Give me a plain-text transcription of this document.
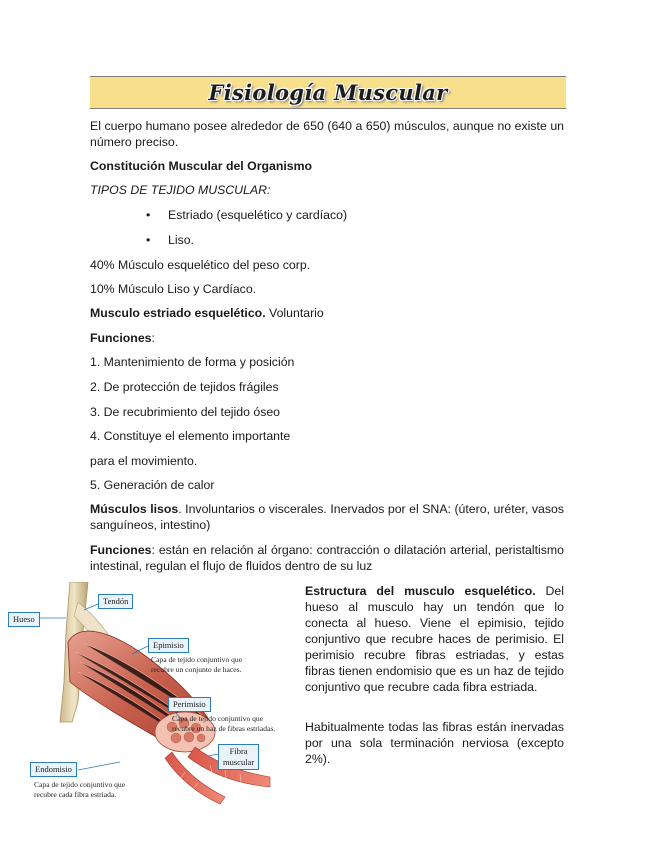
Fisiología Muscular

El cuerpo humano posee alrededor de 650 (640 a 650) músculos, aunque no existe un número preciso.

Constitución Muscular del Organismo

TIPOS DE TEJIDO MUSCULAR:

• Estriado (esquelético y cardíaco)
• Liso.

40% Músculo esquelético del peso corp.

10% Músculo Liso y Cardíaco.

Musculo estriado esquelético. Voluntario

Funciones:

1. Mantenimiento de forma y posición

2. De protección de tejidos frágiles

3. De recubrimiento del tejido óseo

4. Constituye el elemento importante

para el movimiento.

5. Generación de calor

Músculos lisos. Involuntarios o viscerales. Inervados por el SNA: (útero, uréter, vasos sanguíneos, intestino)

Funciones: están en relación al órgano: contracción o dilatación arterial, peristaltismo intestinal, regulan el flujo de fluidos dentro de su luz

Estructura del musculo esquelético. Del hueso al musculo hay un tendón que lo conecta al hueso. Viene el epimisio, tejido conjuntivo que recubre haces de perimisio. El perimisio recubre fibras estriadas, y estas fibras tienen endomisio que es un haz de tejido conjuntivo que recubre cada fibra estriada.

Habitualmente todas las fibras están inervadas por una sola terminación nerviosa (excepto 2%).

Hueso
Tendón
Epimisio
Capa de tejido conjuntivo que
recubre un conjunto de haces.
Perimisio
Capa de tejido conjuntivo que
recubre un haz de fibras estriadas.
Fibra
muscular
Endomisio
Capa de tejido conjuntivo que
recubre cada fibra estriada.
